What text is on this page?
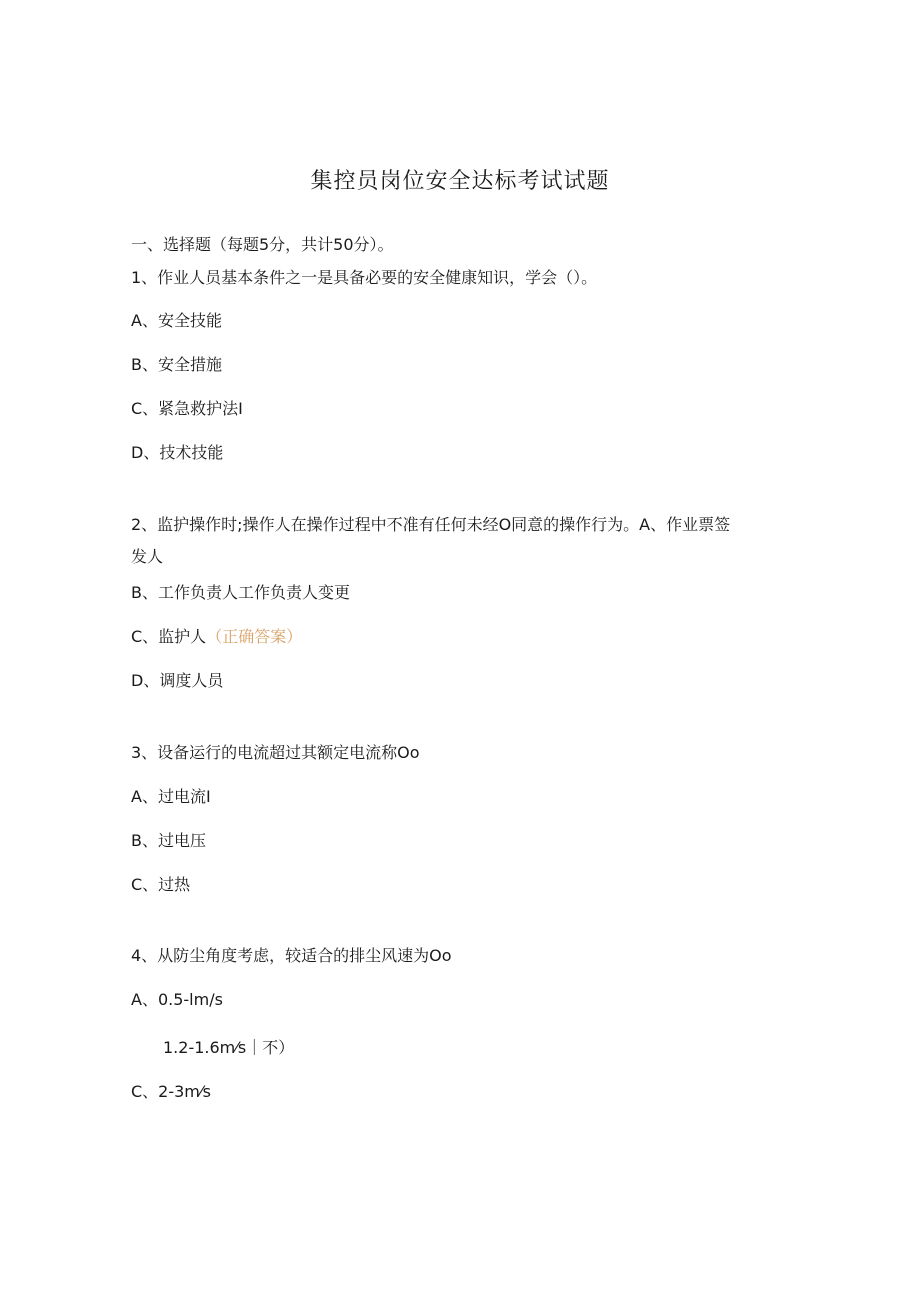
集控员岗位安全达标考试试题
一、选择题（每题5分，共计50分）。
1、作业人员基本条件之一是具备必要的安全健康知识，学会（）。
A、安全技能
B、安全措施
C、紧急救护法I
D、技术技能
2、监护操作时;操作人在操作过程中不准有任何未经O同意的操作行为。A、作业票签
发人
B、工作负责人工作负责人变更
C、监护人（正确答案）
D、调度人员
3、设备运行的电流超过其额定电流称Oo
A、过电流I
B、过电压
C、过热
4、从防尘角度考虑，较适合的排尘风速为Oo
A、0.5-lm/s
1.2-1.6m⁄s｜不）
C、2-3m⁄s
